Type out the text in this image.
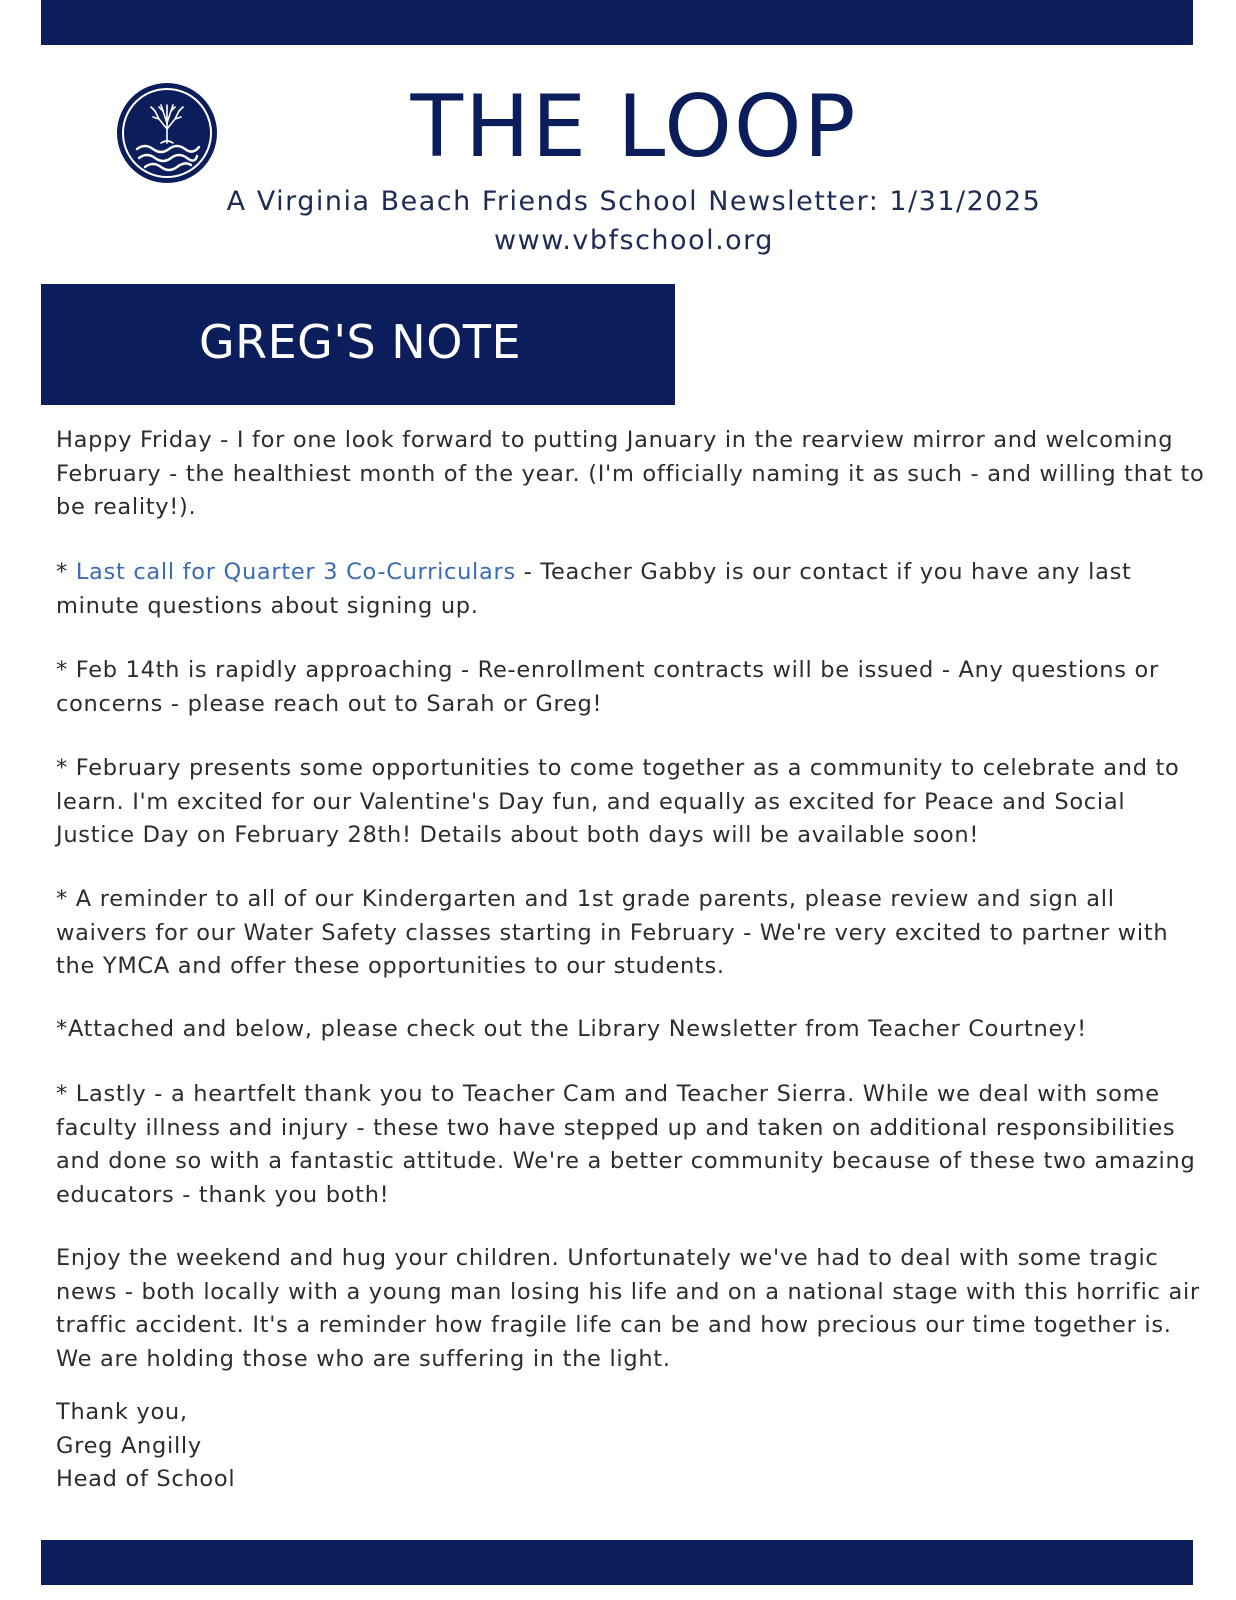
THE LOOP
A Virginia Beach Friends School Newsletter: 1/31/2025
www.vbfschool.org
GREG'S NOTE

Happy Friday - I for one look forward to putting January in the rearview mirror and welcoming February - the healthiest month of the year. (I'm officially naming it as such - and willing that to be reality!).

* Last call for Quarter 3 Co-Curriculars - Teacher Gabby is our contact if you have any last minute questions about signing up.

* Feb 14th is rapidly approaching - Re-enrollment contracts will be issued - Any questions or concerns - please reach out to Sarah or Greg!

* February presents some opportunities to come together as a community to celebrate and to learn. I'm excited for our Valentine's Day fun, and equally as excited for Peace and Social Justice Day on February 28th! Details about both days will be available soon!

* A reminder to all of our Kindergarten and 1st grade parents, please review and sign all waivers for our Water Safety classes starting in February - We're very excited to partner with the YMCA and offer these opportunities to our students.

*Attached and below, please check out the Library Newsletter from Teacher Courtney!

* Lastly - a heartfelt thank you to Teacher Cam and Teacher Sierra. While we deal with some faculty illness and injury - these two have stepped up and taken on additional responsibilities and done so with a fantastic attitude. We're a better community because of these two amazing educators - thank you both!

Enjoy the weekend and hug your children. Unfortunately we've had to deal with some tragic news - both locally with a young man losing his life and on a national stage with this horrific air traffic accident. It's a reminder how fragile life can be and how precious our time together is. We are holding those who are suffering in the light.

Thank you,
Greg Angilly
Head of School
